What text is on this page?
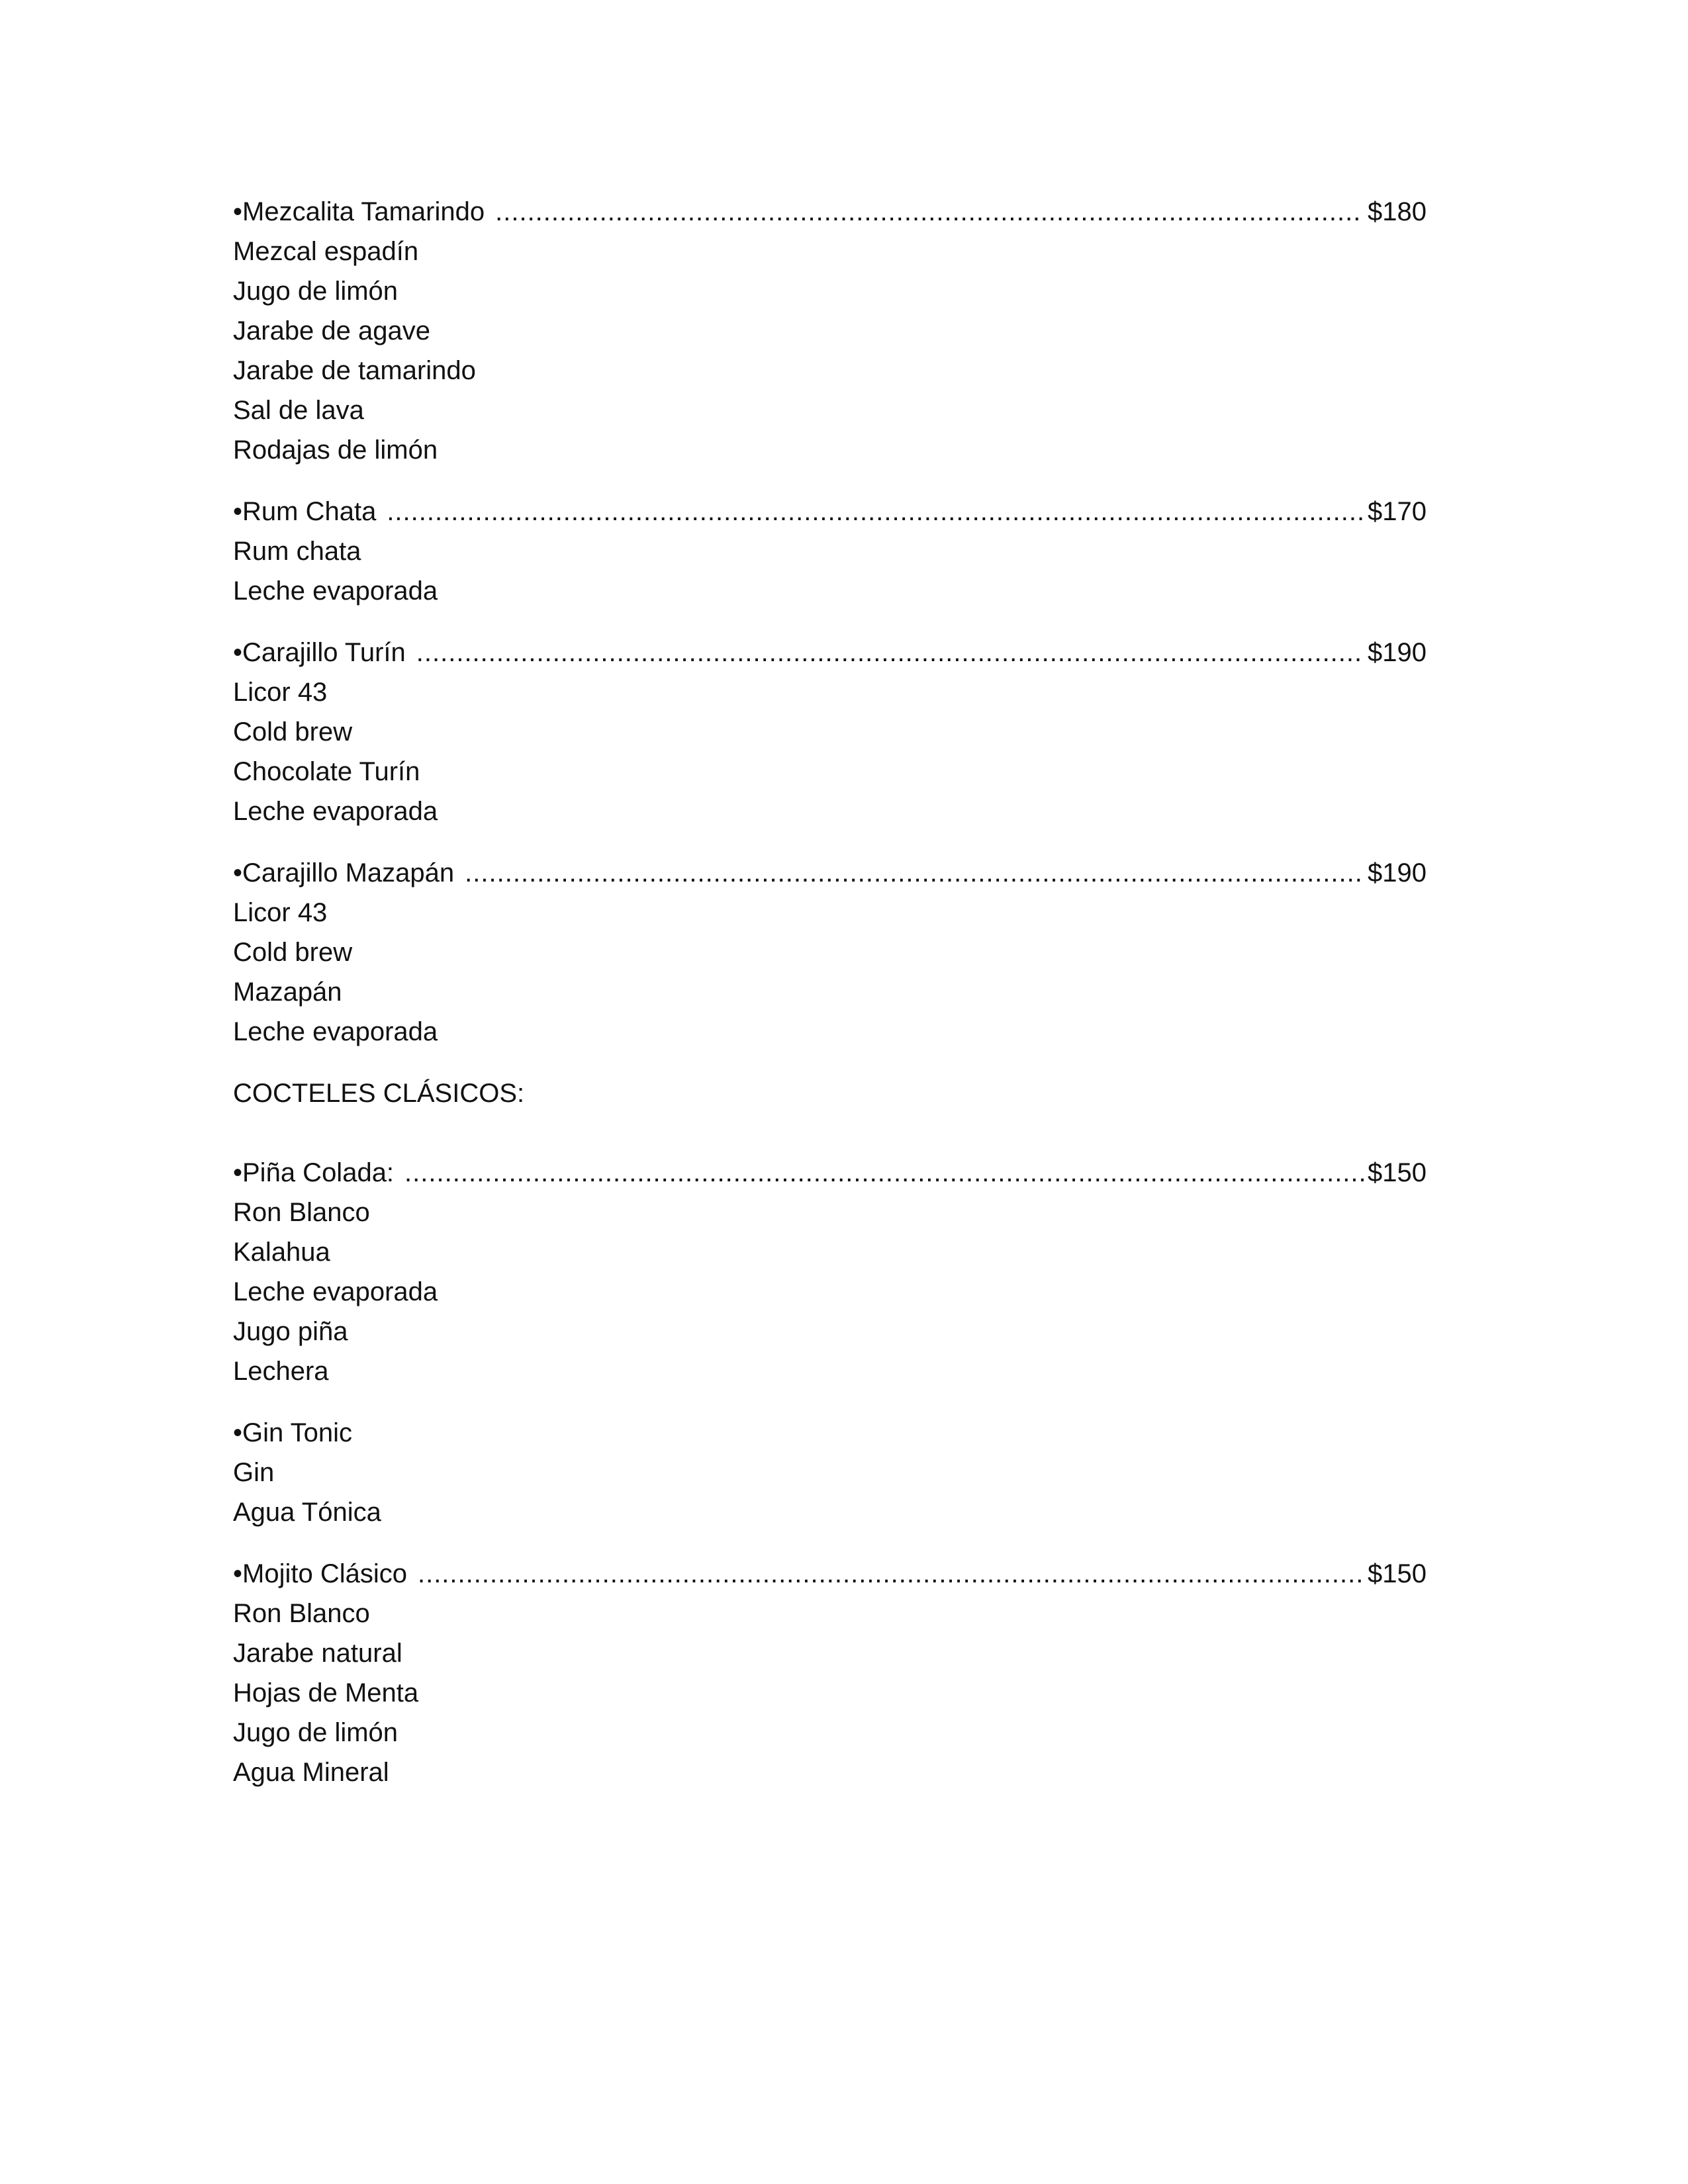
•Mezcalita Tamarindo .....	$180
Mezcal espadín
Jugo de limón
Jarabe de agave
Jarabe de tamarindo
Sal de lava
Rodajas de limón
•Rum Chata .....	$170
Rum chata
Leche evaporada
•Carajillo Turín .....	$190
Licor 43
Cold brew
Chocolate Turín
Leche evaporada
•Carajillo Mazapán .....	$190
Licor 43
Cold brew
Mazapán
Leche evaporada
COCTELES CLÁSICOS:
•Piña Colada: .....	$150
Ron Blanco
Kalahua
Leche evaporada
Jugo piña
Lechera
•Gin Tonic
Gin
Agua Tónica
•Mojito Clásico .....	$150
Ron Blanco
Jarabe natural
Hojas de Menta
Jugo de limón
Agua Mineral
